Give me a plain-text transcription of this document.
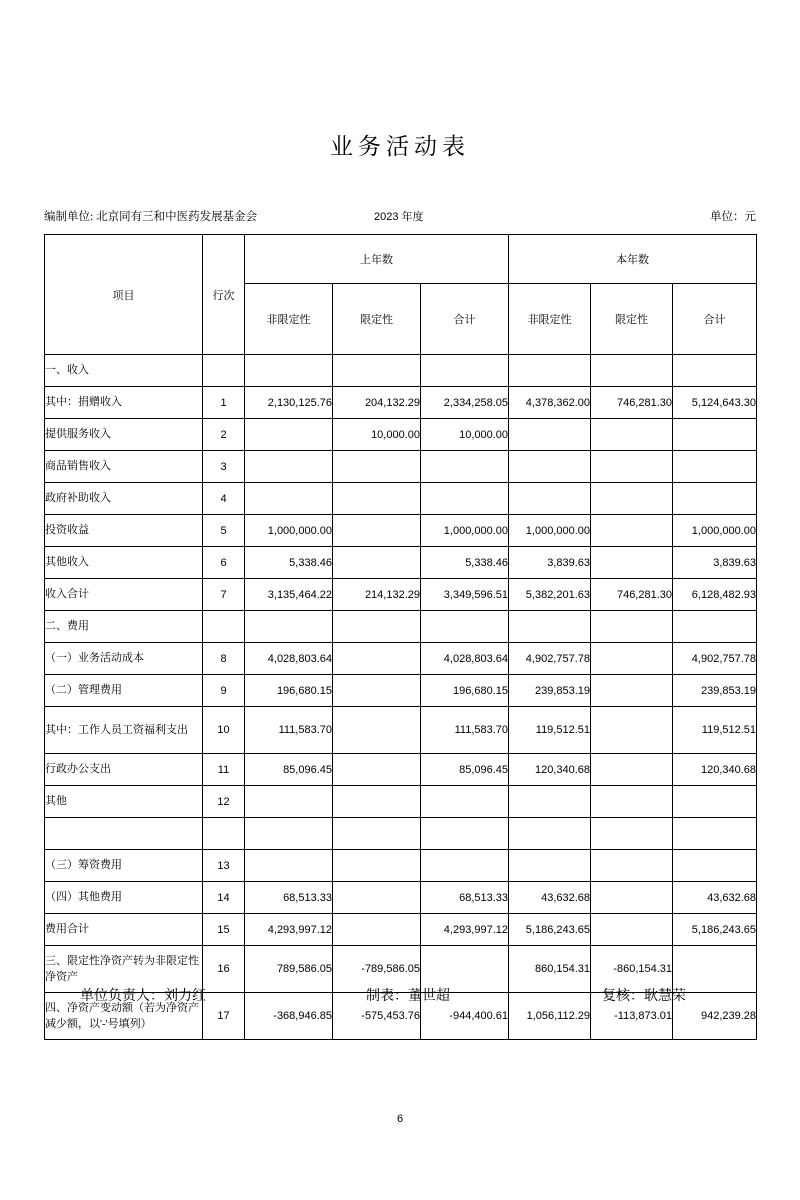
业务活动表
编制单位: 北京同有三和中医药发展基金会	2023 年度	单位：元
项目	行次	上年数			本年数		
		非限定性	限定性	合计	非限定性	限定性	合计
一、收入							
其中：捐赠收入	1	2,130,125.76	204,132.29	2,334,258.05	4,378,362.00	746,281.30	5,124,643.30
提供服务收入	2		10,000.00	10,000.00			
商品销售收入	3						
政府补助收入	4						
投资收益	5	1,000,000.00		1,000,000.00	1,000,000.00		1,000,000.00
其他收入	6	5,338.46		5,338.46	3,839.63		3,839.63
收入合计	7	3,135,464.22	214,132.29	3,349,596.51	5,382,201.63	746,281.30	6,128,482.93
二、费用							
（一）业务活动成本	8	4,028,803.64		4,028,803.64	4,902,757.78		4,902,757.78
（二）管理费用	9	196,680.15		196,680.15	239,853.19		239,853.19
其中：工作人员工资福利支出	10	111,583.70		111,583.70	119,512.51		119,512.51
行政办公支出	11	85,096.45		85,096.45	120,340.68		120,340.68
其他	12						

（三）筹资费用	13						
（四）其他费用	14	68,513.33		68,513.33	43,632.68		43,632.68
费用合计	15	4,293,997.12		4,293,997.12	5,186,243.65		5,186,243.65
三、限定性净资产转为非限定性净资产	16	789,586.05	-789,586.05		860,154.31	-860,154.31	
四、净资产变动额（若为净资产减少额，以'-'号填列）	17	-368,946.85	-575,453.76	-944,400.61	1,056,112.29	-113,873.01	942,239.28
单位负责人：刘力红	制表：董世超	复核：耿慧荣
6
